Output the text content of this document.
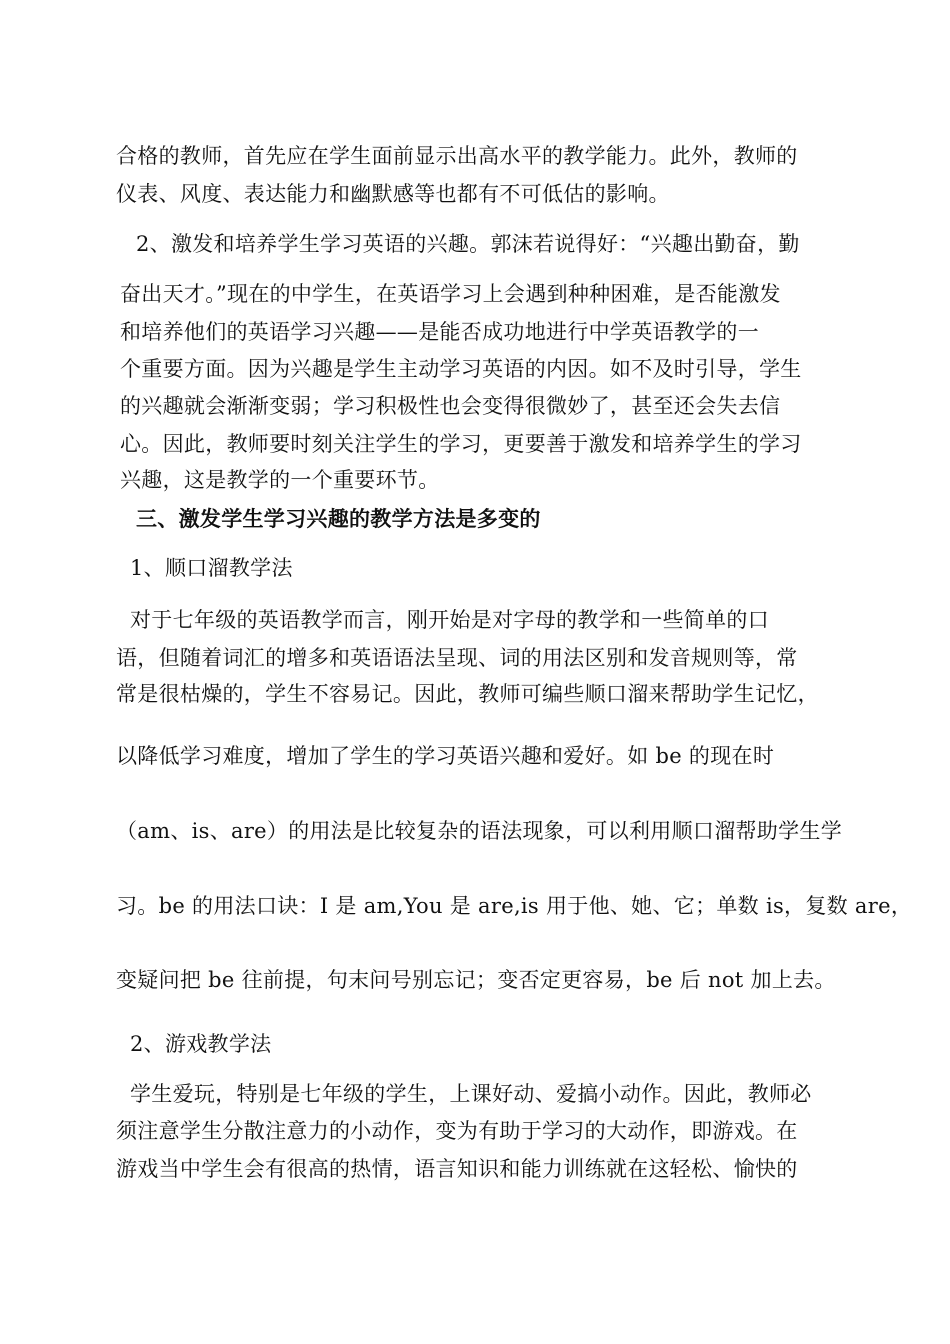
合格的教师，首先应在学生面前显示出高水平的教学能力。此外，教师的
仪表、风度、表达能力和幽默感等也都有不可低估的影响。
2、激发和培养学生学习英语的兴趣。郭沫若说得好：“兴趣出勤奋，勤
奋出天才。”现在的中学生，在英语学习上会遇到种种困难，是否能激发
和培养他们的英语学习兴趣——是能否成功地进行中学英语教学的一
个重要方面。因为兴趣是学生主动学习英语的内因。如不及时引导，学生
的兴趣就会渐渐变弱；学习积极性也会变得很微妙了，甚至还会失去信
心。因此，教师要时刻关注学生的学习，更要善于激发和培养学生的学习
兴趣，这是教学的一个重要环节。
三、激发学生学习兴趣的教学方法是多变的
1、顺口溜教学法
对于七年级的英语教学而言，刚开始是对字母的教学和一些简单的口
语，但随着词汇的增多和英语语法呈现、词的用法区别和发音规则等，常
常是很枯燥的，学生不容易记。因此，教师可编些顺口溜来帮助学生记忆，
以降低学习难度，增加了学生的学习英语兴趣和爱好。如 be 的现在时
（am、is、are）的用法是比较复杂的语法现象，可以利用顺口溜帮助学生学
习。be 的用法口诀：I 是 am,You 是 are,is 用于他、她、它；单数 is，复数 are，
变疑问把 be 往前提，句末问号别忘记；变否定更容易，be 后 not 加上去。
2、游戏教学法
学生爱玩，特别是七年级的学生，上课好动、爱搞小动作。因此，教师必
须注意学生分散注意力的小动作，变为有助于学习的大动作，即游戏。在
游戏当中学生会有很高的热情，语言知识和能力训练就在这轻松、愉快的
